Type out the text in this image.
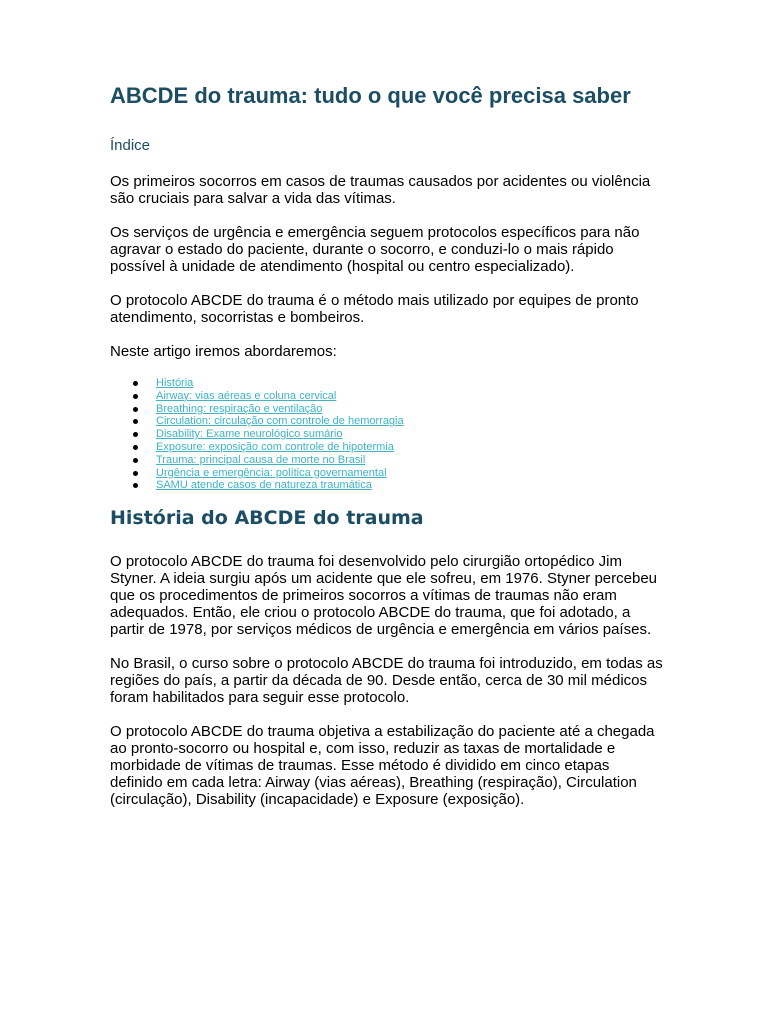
ABCDE do trauma: tudo o que você precisa saber
Índice

Os primeiros socorros em casos de traumas causados por acidentes ou violência são cruciais para salvar a vida das vítimas.

Os serviços de urgência e emergência seguem protocolos específicos para não agravar o estado do paciente, durante o socorro, e conduzi-lo o mais rápido possível à unidade de atendimento (hospital ou centro especializado).

O protocolo ABCDE do trauma é o método mais utilizado por equipes de pronto atendimento, socorristas e bombeiros.

Neste artigo iremos abordaremos:

História
Airway: vias aéreas e coluna cervical
Breathing: respiração e ventilação
Circulation: circulação com controle de hemorragia
Disability: Exame neurológico sumário
Exposure: exposição com controle de hipotermia
Trauma: principal causa de morte no Brasil
Urgência e emergência: política governamental
SAMU atende casos de natureza traumática
História do ABCDE do trauma

O protocolo ABCDE do trauma foi desenvolvido pelo cirurgião ortopédico Jim Styner. A ideia surgiu após um acidente que ele sofreu, em 1976. Styner percebeu que os procedimentos de primeiros socorros a vítimas de traumas não eram adequados. Então, ele criou o protocolo ABCDE do trauma, que foi adotado, a partir de 1978, por serviços médicos de urgência e emergência em vários países.

No Brasil, o curso sobre o protocolo ABCDE do trauma foi introduzido, em todas as regiões do país, a partir da década de 90. Desde então, cerca de 30 mil médicos foram habilitados para seguir esse protocolo.

O protocolo ABCDE do trauma objetiva a estabilização do paciente até a chegada ao pronto-socorro ou hospital e, com isso, reduzir as taxas de mortalidade e morbidade de vítimas de traumas. Esse método é dividido em cinco etapas definido em cada letra: Airway (vias aéreas), Breathing (respiração), Circulation (circulação), Disability (incapacidade) e Exposure (exposição).
